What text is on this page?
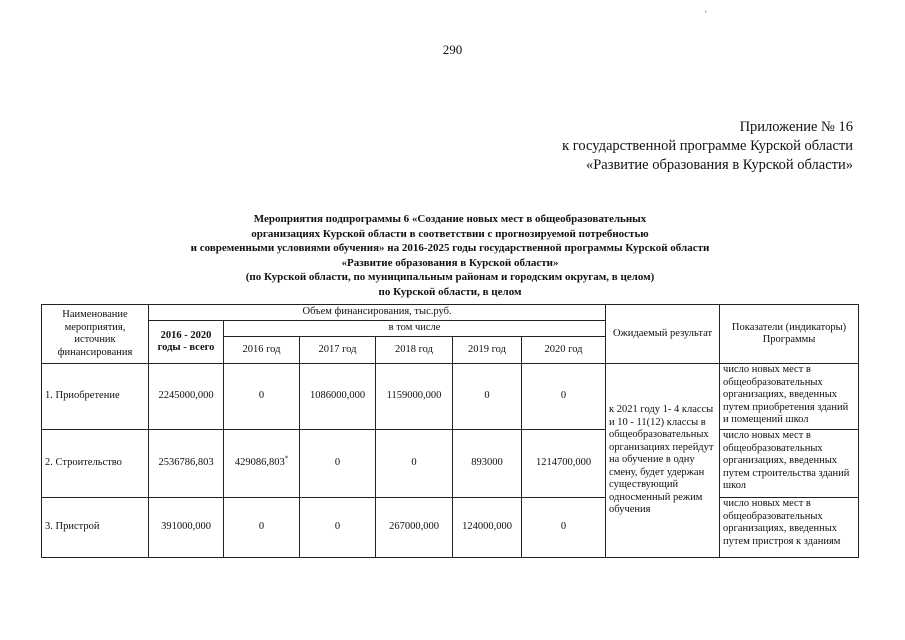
290
'
Приложение № 16
к государственной программе Курской области
«Развитие образования в Курской области»
Мероприятия подпрограммы 6 «Создание новых мест в общеобразовательных
организациях Курской области в соответствии с прогнозируемой потребностью
и современными условиями обучения» на 2016-2025 годы государственной программы Курской области
«Развитие образования в Курской области»
(по Курской области, по муниципальным районам и городским округам, в целом)
по Курской области, в целом
Наименование мероприятия, источник финансирования	Объем финансирования, тыс.руб.						Ожидаемый результат	Показатели (индикаторы) Программы
	2016 - 2020 годы - всего	в том числе						
		2016 год	2017 год	2018 год	2019 год	2020 год		
1. Приобретение	2245000,000	0	1086000,000	1159000,000	0	0	к 2021 году 1- 4 классы и 10 - 11(12) классы в общеобразовательных организациях перейдут на обучение в одну смену, будет удержан существующий односменный режим обучения	число новых мест в общеобразовательных организациях, введенных путем приобретения зданий и помещений школ
2. Строительство	2536786,803	429086,803*	0	0	893000	1214700,000		число новых мест в общеобразовательных организациях, введенных путем строительства зданий школ
3. Пристрой	391000,000	0	0	267000,000	124000,000	0		число новых мест в общеобразовательных организациях, введенных путем пристроя к зданиям
